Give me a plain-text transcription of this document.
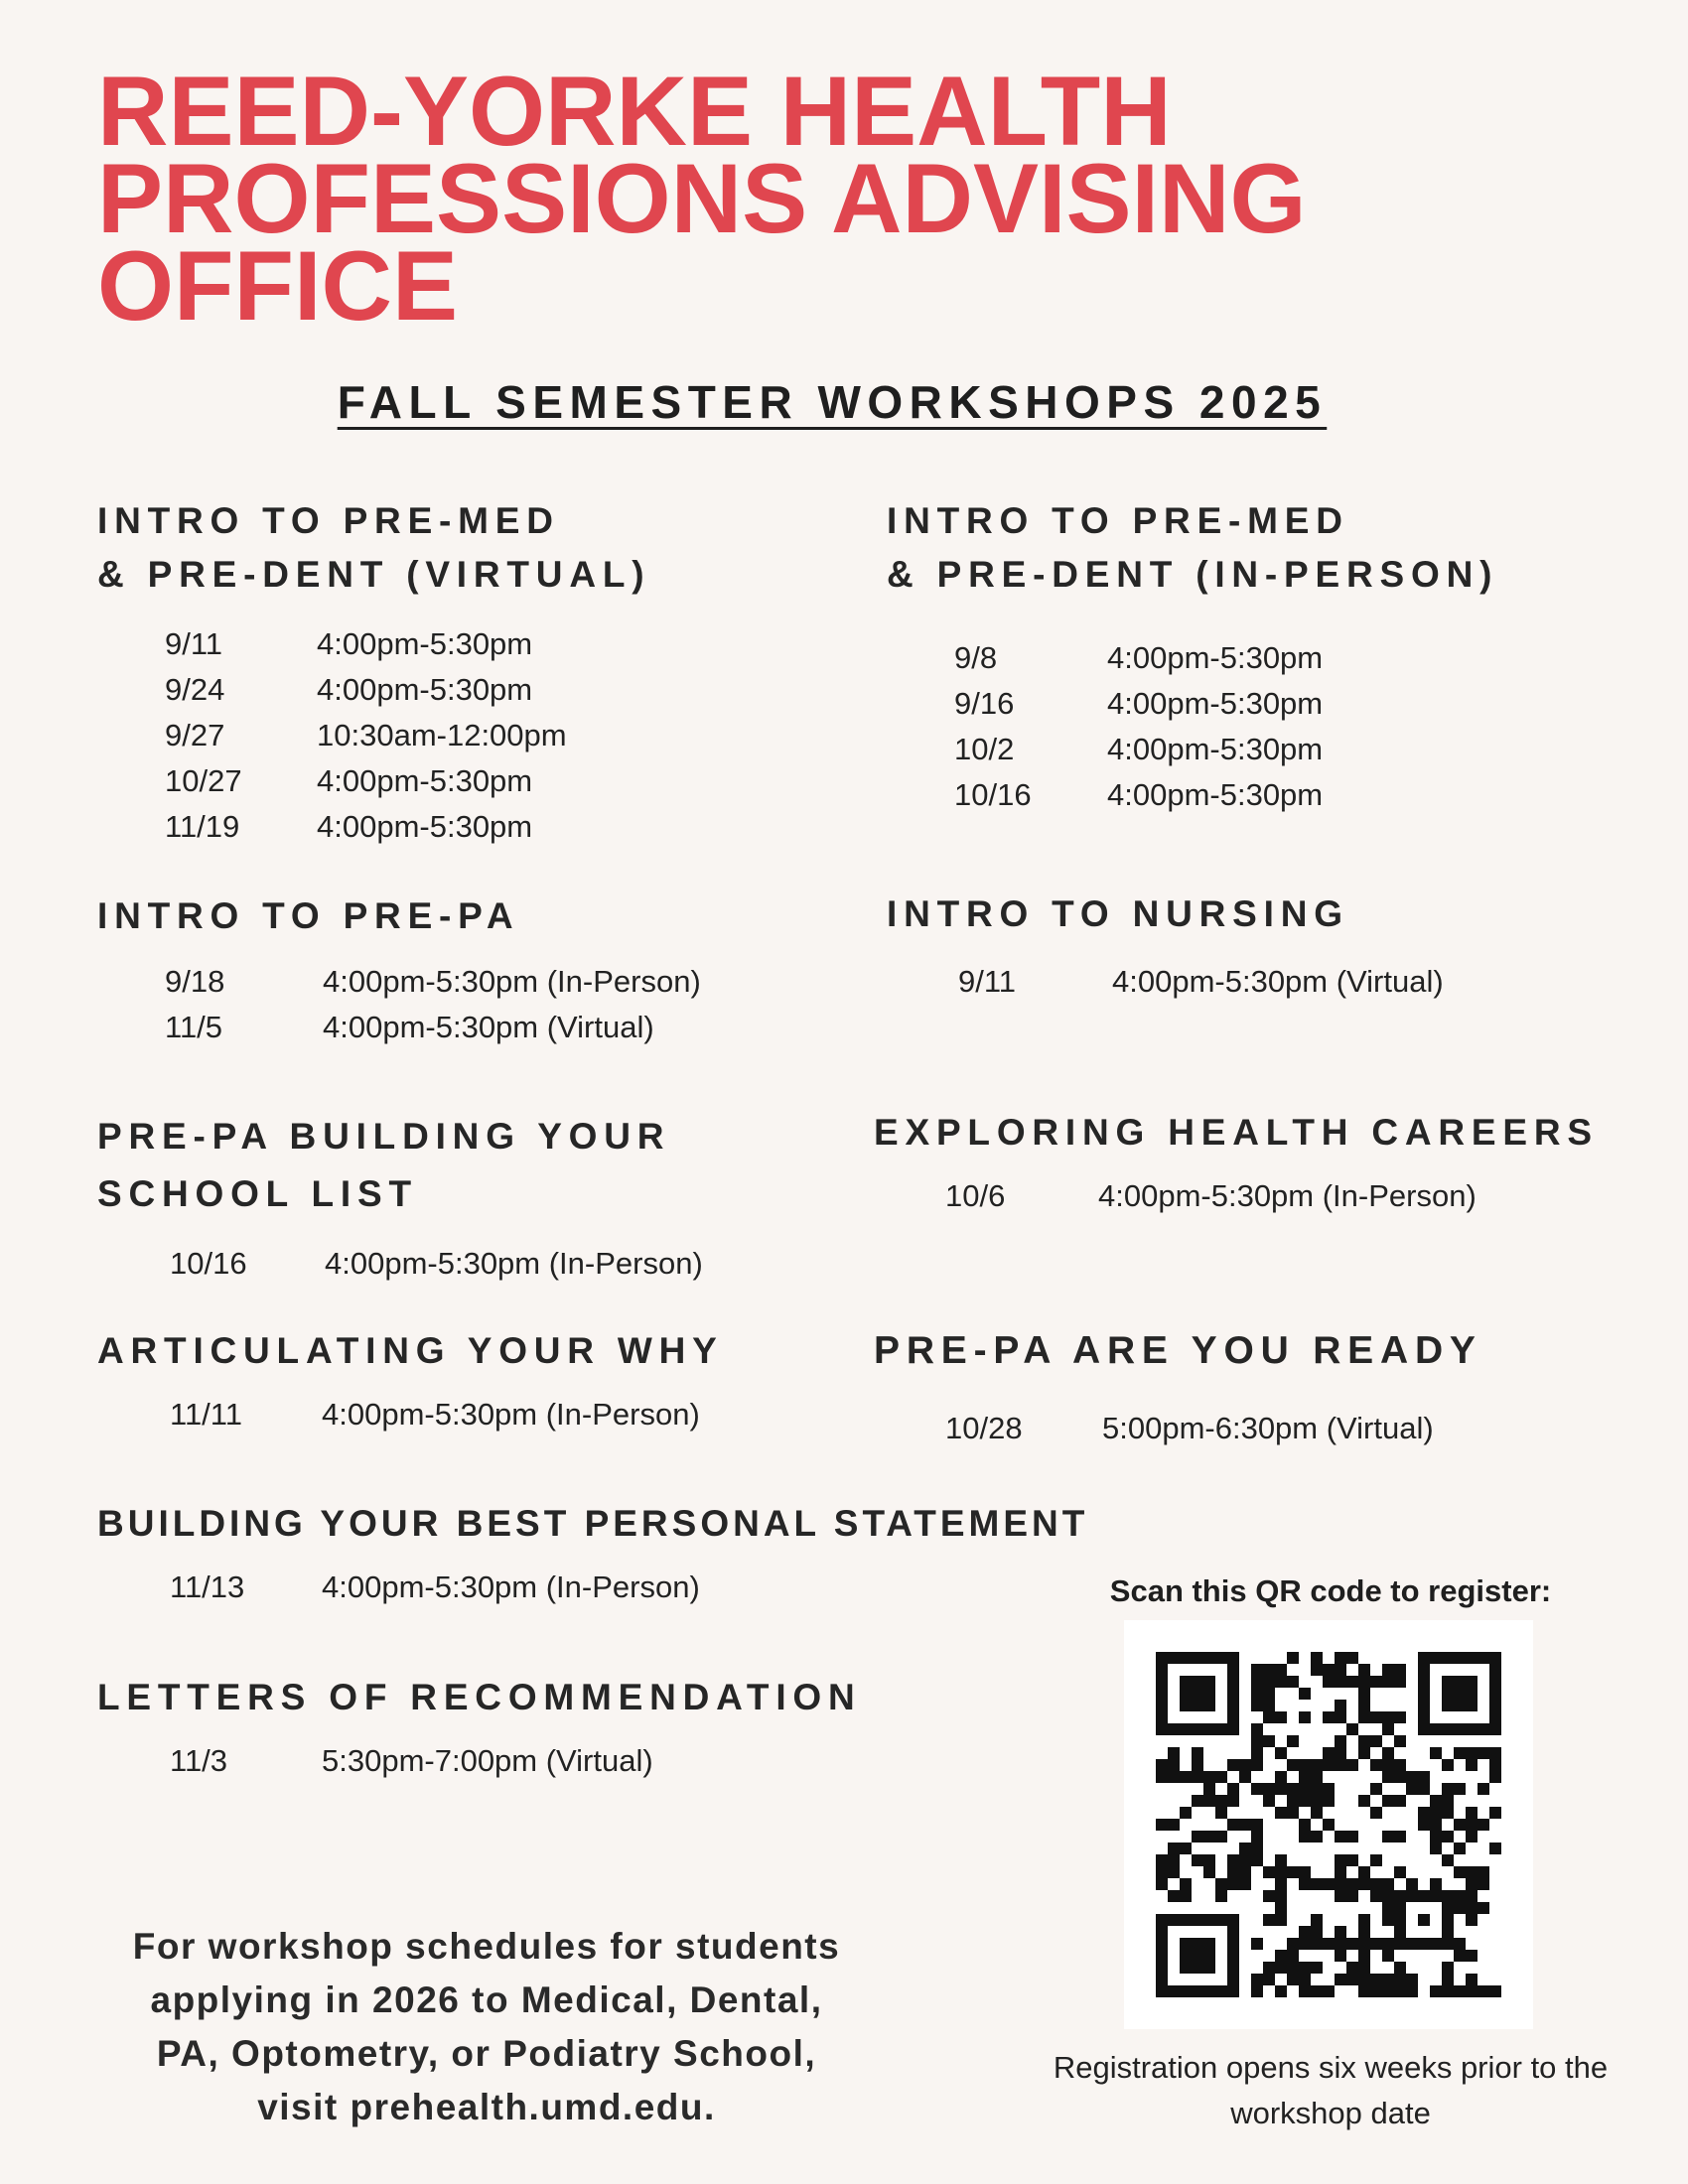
REED-YORKE HEALTH
PROFESSIONS ADVISING
OFFICE
FALL SEMESTER WORKSHOPS 2025
INTRO TO PRE-MED
& PRE-DENT (VIRTUAL)
9/11	4:00pm-5:30pm
9/24	4:00pm-5:30pm
9/27	10:30am-12:00pm
10/27 4:00pm-5:30pm
11/19	4:00pm-5:30pm
INTRO TO PRE-MED
& PRE-DENT (IN-PERSON)
9/8	4:00pm-5:30pm
9/16	4:00pm-5:30pm
10/2	4:00pm-5:30pm
10/16 4:00pm-5:30pm
INTRO TO PRE-PA
9/18	4:00pm-5:30pm (In-Person)
11/5	4:00pm-5:30pm (Virtual)
INTRO TO NURSING
9/11	4:00pm-5:30pm (Virtual)
PRE-PA BUILDING YOUR
SCHOOL LIST
10/16	4:00pm-5:30pm (In-Person)
EXPLORING HEALTH CAREERS
10/6	4:00pm-5:30pm (In-Person)
ARTICULATING YOUR WHY
11/11	4:00pm-5:30pm (In-Person)
PRE-PA ARE YOU READY
10/28	5:00pm-6:30pm (Virtual)
BUILDING YOUR BEST PERSONAL STATEMENT
11/13	4:00pm-5:30pm (In-Person)
LETTERS OF RECOMMENDATION
11/3	5:30pm-7:00pm (Virtual)
For workshop schedules for students
applying in 2026 to Medical, Dental,
PA, Optometry, or Podiatry School,
visit prehealth.umd.edu.
Scan this QR code to register:
Registration opens six weeks prior to the
workshop date
